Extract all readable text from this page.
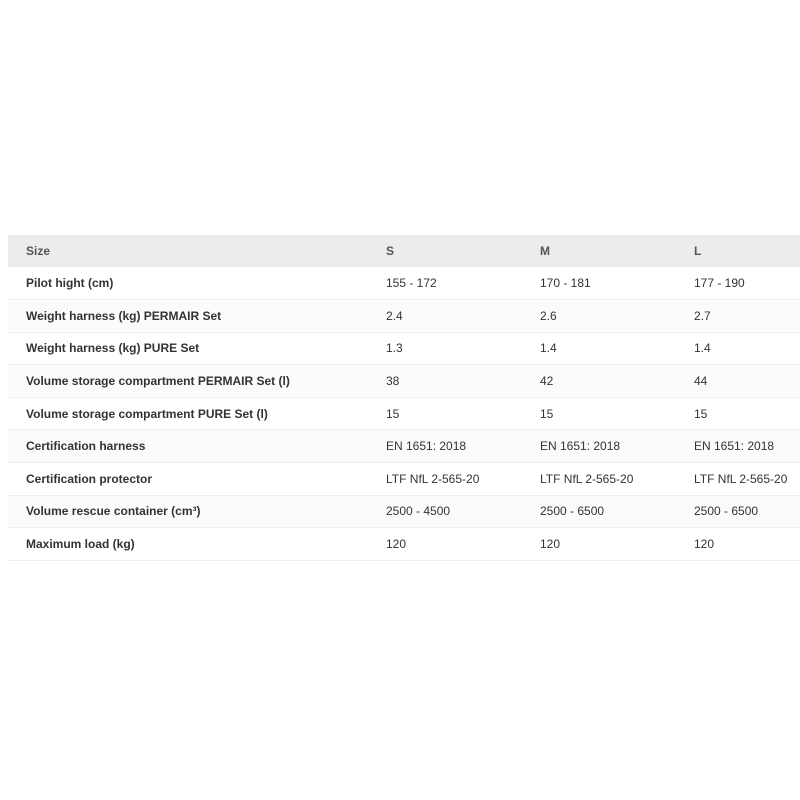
Size	S	M	L
Pilot hight (cm)	155 - 172	170 - 181	177 - 190
Weight harness (kg) PERMAIR Set	2.4	2.6	2.7
Weight harness (kg) PURE Set	1.3	1.4	1.4
Volume storage compartment PERMAIR Set (l)	38	42	44
Volume storage compartment PURE Set (l)	15	15	15
Certification harness	EN 1651: 2018	EN 1651: 2018	EN 1651: 2018
Certification protector	LTF NfL 2-565-20	LTF NfL 2-565-20	LTF NfL 2-565-20
Volume rescue container (cm³)	2500 - 4500	2500 - 6500	2500 - 6500
Maximum load (kg)	120	120	120
